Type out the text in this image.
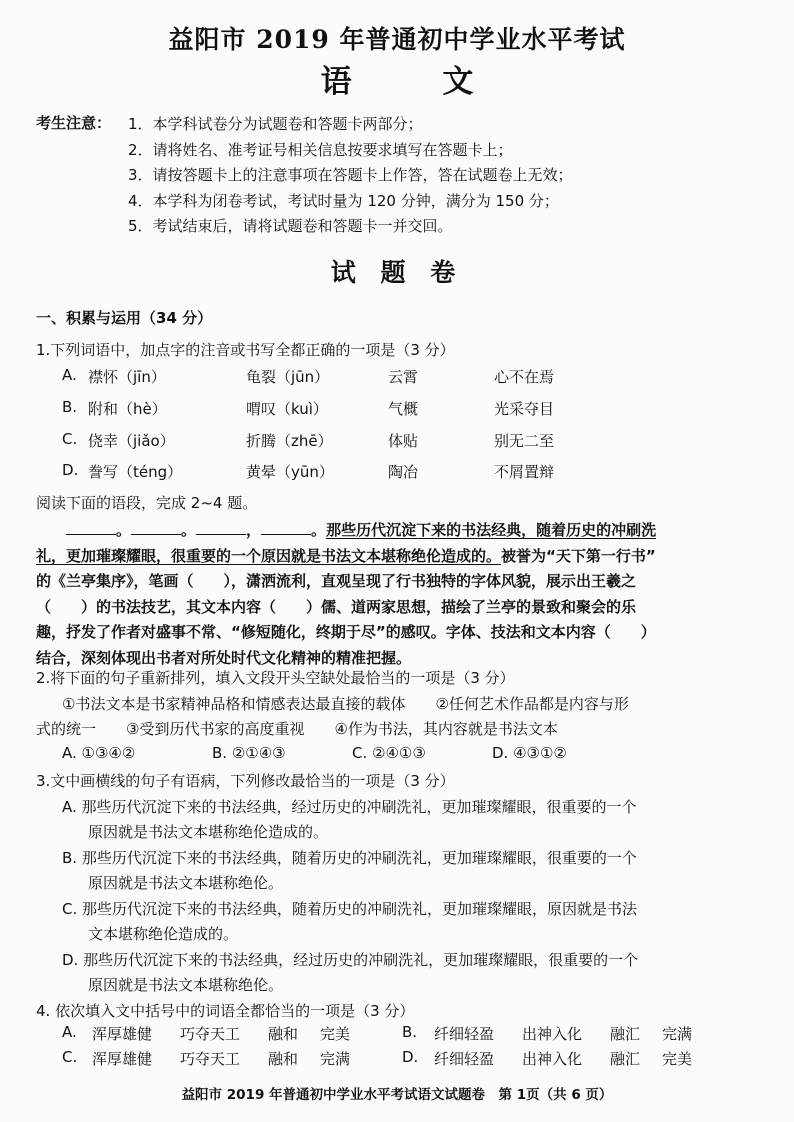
益阳市 2019 年普通初中学业水平考试
语 文
考生注意： 1．本学科试卷分为试题卷和答题卡两部分；
2．请将姓名、准考证号相关信息按要求填写在答题卡上；
3．请按答题卡上的注意事项在答题卡上作答，答在试题卷上无效；
4．本学科为闭卷考试，考试时量为 120 分钟，满分为 150 分；
5．考试结束后，请将试题卷和答题卡一并交回。
试 题 卷
一、积累与运用（34 分）
1.下列词语中，加点字的注音或书写全都正确的一项是（3 分）
A. 襟怀（jīn）	龟裂（jūn）	云霄	心不在焉
B. 附和（hè）	喟叹（kuì）	气概	光采夺目
C. 侥幸（jiǎo）	折腾（zhē）	体贴	别无二至
D. 誊写（téng）	黄晕（yūn）	陶冶	不屑置辩
阅读下面的语段，完成 2~4 题。
。	。	，	。那些历代沉淀下来的书法经典，随着历史的冲刷洗
礼，更加璀璨耀眼，很重要的一个原因就是书法文本堪称绝伦造成的。被誉为“天下第一行书”
的《兰亭集序》，笔画（　　），潇洒流利，直观呈现了行书独特的字体风貌，展示出王羲之
（　　）的书法技艺，其文本内容（　　）儒、道两家思想，描绘了兰亭的景致和聚会的乐
趣，抒发了作者对盛事不常、“修短随化，终期于尽”的感叹。字体、技法和文本内容（　　）
结合，深刻体现出书者对所处时代文化精神的精准把握。
2.将下面的句子重新排列，填入文段开头空缺处最恰当的一项是（3 分）
①书法文本是书家精神品格和情感表达最直接的载体　　②任何艺术作品都是内容与形
式的统一　　③受到历代书家的高度重视　　④作为书法，其内容就是书法文本
A. ①③④②	B. ②①④③	C. ②④①③	D. ④③①②
3.文中画横线的句子有语病，下列修改最恰当的一项是（3 分）
A. 那些历代沉淀下来的书法经典，经过历史的冲刷洗礼，更加璀璨耀眼，很重要的一个
原因就是书法文本堪称绝伦造成的。
B. 那些历代沉淀下来的书法经典，随着历史的冲刷洗礼，更加璀璨耀眼，很重要的一个
原因就是书法文本堪称绝伦。
C. 那些历代沉淀下来的书法经典，随着历史的冲刷洗礼，更加璀璨耀眼，原因就是书法
文本堪称绝伦造成的。
D. 那些历代沉淀下来的书法经典，经过历史的冲刷洗礼，更加璀璨耀眼，很重要的一个
原因就是书法文本堪称绝伦。
4. 依次填入文中括号中的词语全都恰当的一项是（3 分）
A. 浑厚雄健 巧夺天工 融和 完美	B. 纤细轻盈 出神入化 融汇 完满
C. 浑厚雄健 巧夺天工 融和 完满	D. 纤细轻盈 出神入化 融汇 完美
益阳市 2019 年普通初中学业水平考试语文试题卷　第 1页（共 6 页）
